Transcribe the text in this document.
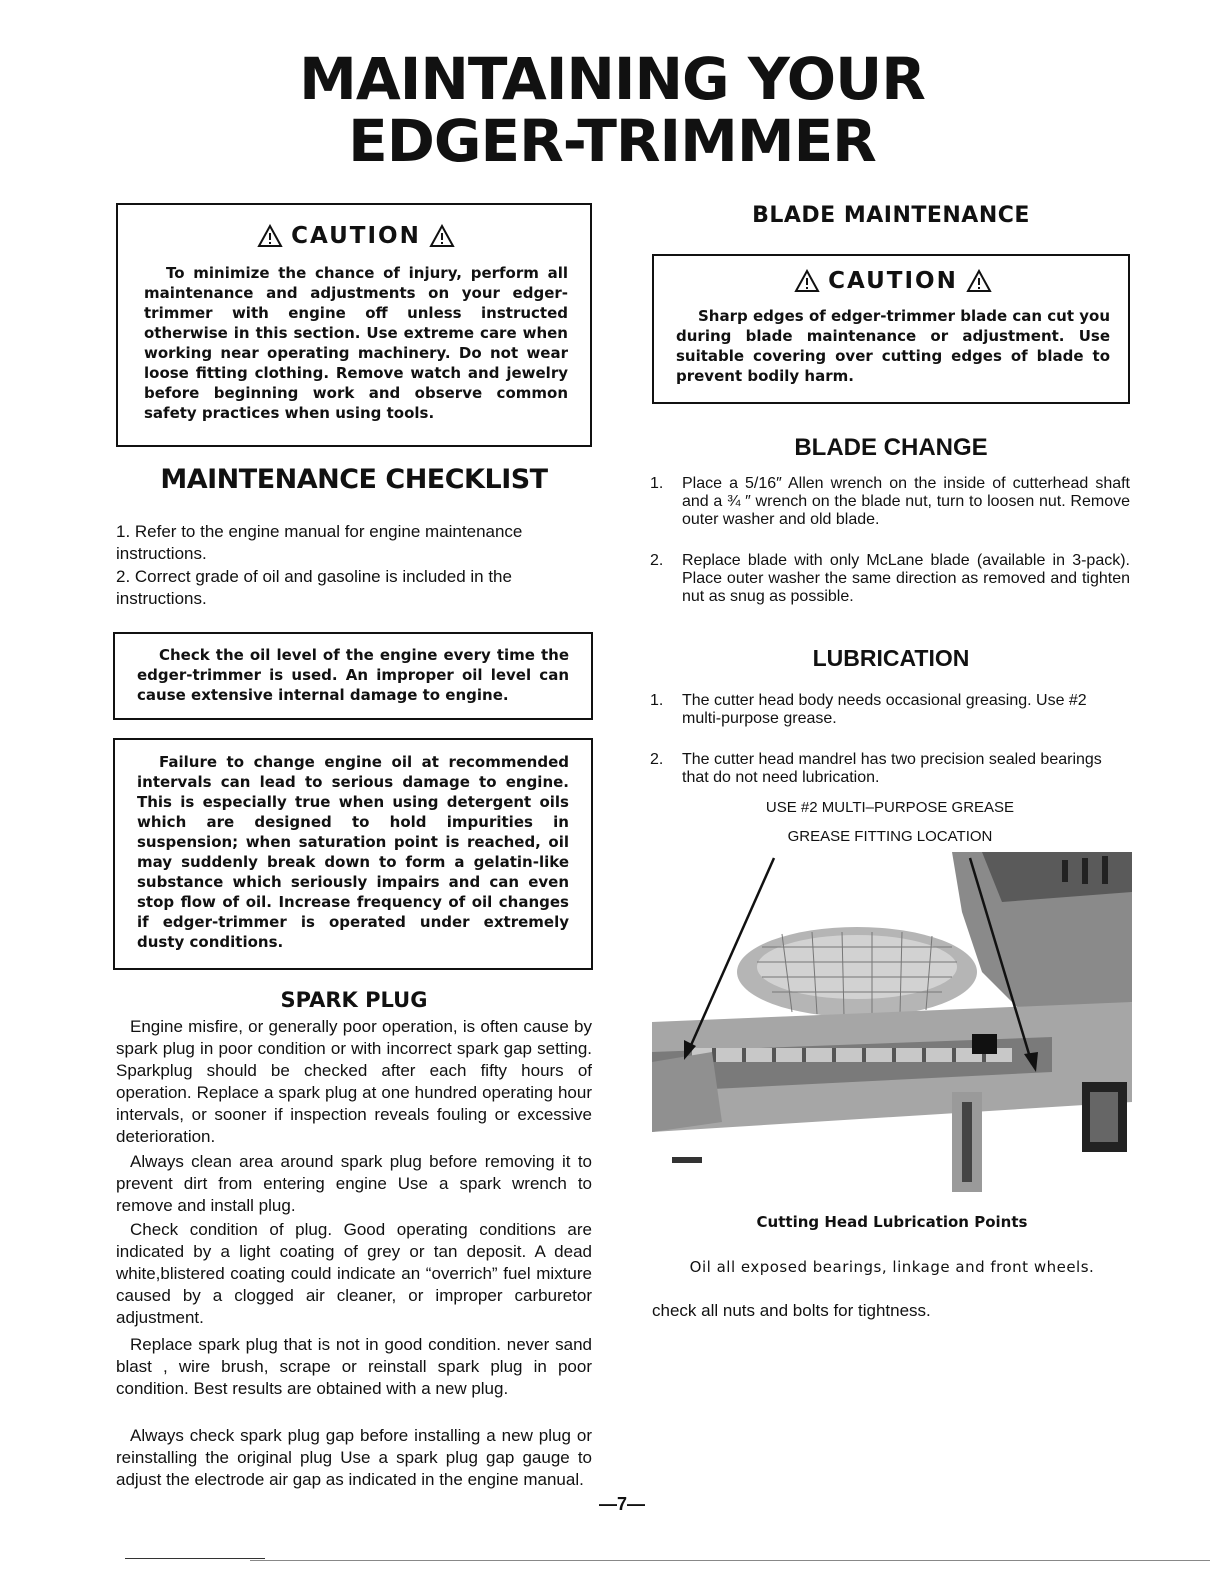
MAINTAINING YOUR
EDGER-TRIMMER
CAUTION
To minimize the chance of injury, perform all maintenance and adjustments on your edger-trimmer with engine off unless instructed otherwise in this section. Use extreme care when working near operating machinery. Do not wear loose fitting clothing. Remove watch and jewelry before beginning work and observe common safety practices when using tools.
MAINTENANCE CHECKLIST
1. Refer to the engine manual for engine maintenance instructions.
2. Correct grade of oil and gasoline is included in the instructions.
Check the oil level of the engine every time the edger-trimmer is used. An improper oil level can cause extensive internal damage to engine.
Failure to change engine oil at recommended intervals can lead to serious damage to engine. This is especially true when using detergent oils which are designed to hold impurities in suspension; when saturation point is reached, oil may suddenly break down to form a gelatin-like substance which seriously impairs and can even stop flow of oil. Increase frequency of oil changes if edger-trimmer is operated under extremely dusty conditions.
SPARK PLUG
Engine misfire, or generally poor operation, is often cause by spark plug in poor condition or with incorrect spark gap setting. Sparkplug should be checked after each fifty hours of operation. Replace a spark plug at one hundred operating hour intervals, or sooner if inspection reveals fouling or excessive deterioration.
Always clean area around spark plug before removing it to prevent dirt from entering engine Use a spark wrench to remove and install plug.
Check condition of plug. Good operating conditions are indicated by a light coating of grey or tan deposit. A dead white,blistered coating could indicate an “overrich” fuel mixture caused by a clogged air cleaner, or improper carburetor adjustment.
Replace spark plug that is not in good condition. never sand blast , wire brush, scrape or reinstall spark plug in poor condition. Best results are obtained with a new plug.
Always check spark plug gap before installing a new plug or reinstalling the original plug Use a spark plug gap gauge to adjust the electrode air gap as indicated in the engine manual.
—7—
BLADE MAINTENANCE
CAUTION
Sharp edges of edger-trimmer blade can cut you during blade maintenance or adjustment. Use suitable covering over cutting edges of blade to prevent bodily harm.
BLADE CHANGE
1.	Place a 5/16″ Allen wrench on the inside of cutterhead shaft and a ¾ ″ wrench on the blade nut, turn to loosen nut. Remove outer washer and old blade.
2.	Replace blade with only McLane blade (available in 3-pack). Place outer washer the same direction as removed and tighten nut as snug as possible.
LUBRICATION
1.	The cutter head body needs occasional greasing. Use #2 multi-purpose grease.
2.	The cutter head mandrel has two precision sealed bearings that do not need lubrication.
USE #2 MULTI–PURPOSE GREASE
GREASE FITTING LOCATION
Cutting Head Lubrication Points
Oil all exposed bearings, linkage and front wheels.
check all nuts and bolts for tightness.
